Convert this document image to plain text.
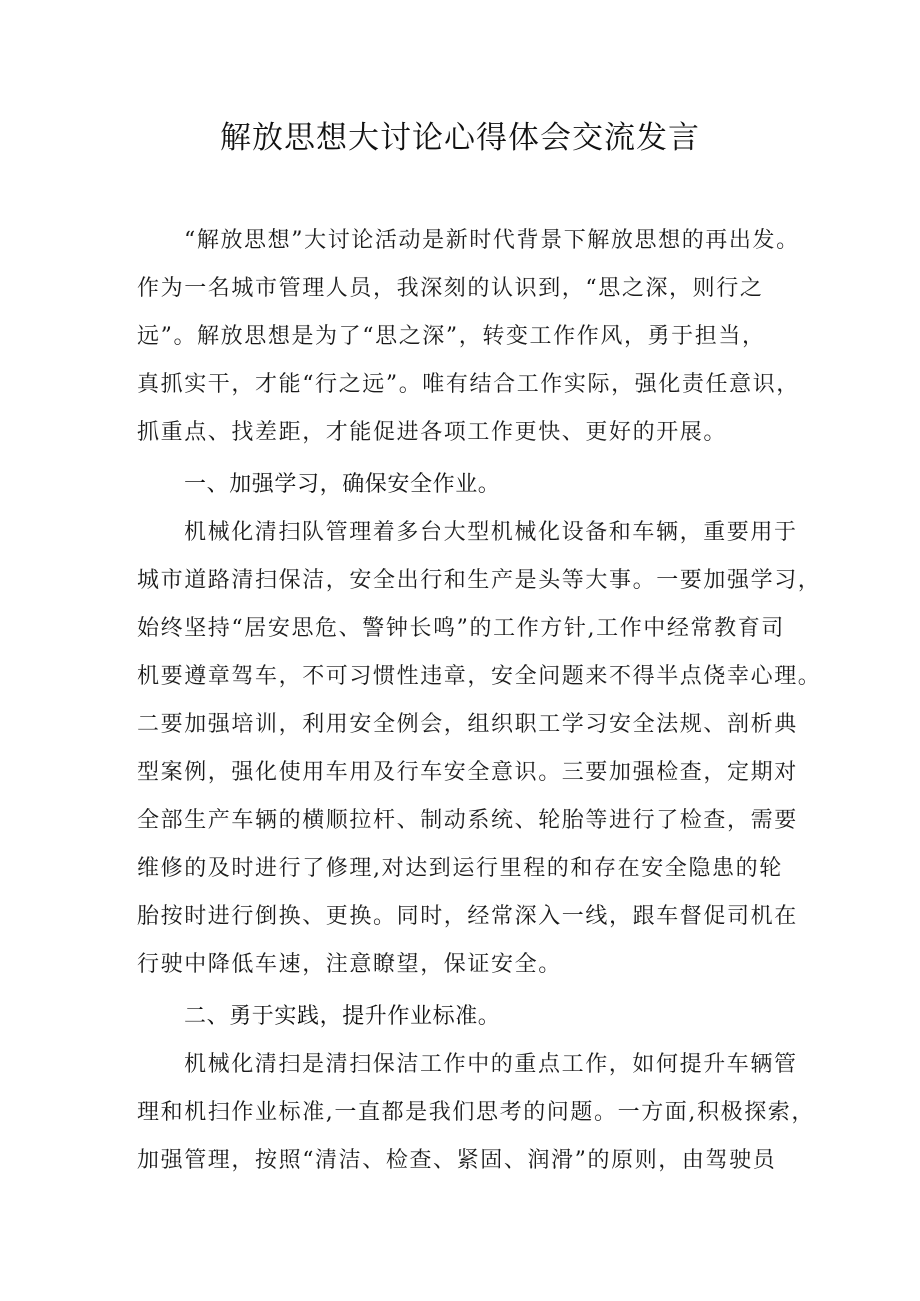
解放思想大讨论心得体会交流发言
“解放思想”大讨论活动是新时代背景下解放思想的再出发。
作为一名城市管理人员，我深刻的认识到，“思之深，则行之
远”。解放思想是为了“思之深”，转变工作作风，勇于担当，
真抓实干，才能“行之远”。唯有结合工作实际，强化责任意识，
抓重点、找差距，才能促进各项工作更快、更好的开展。
一、加强学习，确保安全作业。
机械化清扫队管理着多台大型机械化设备和车辆，重要用于
城市道路清扫保洁，安全出行和生产是头等大事。一要加强学习，
始终坚持“居安思危、警钟长鸣”的工作方针,工作中经常教育司
机要遵章驾车，不可习惯性违章，安全问题来不得半点侥幸心理。
二要加强培训，利用安全例会，组织职工学习安全法规、剖析典
型案例，强化使用车用及行车安全意识。三要加强检查，定期对
全部生产车辆的横顺拉杆、制动系统、轮胎等进行了检查，需要
维修的及时进行了修理,对达到运行里程的和存在安全隐患的轮
胎按时进行倒换、更换。同时，经常深入一线，跟车督促司机在
行驶中降低车速，注意瞭望，保证安全。
二、勇于实践，提升作业标准。
机械化清扫是清扫保洁工作中的重点工作，如何提升车辆管
理和机扫作业标准,一直都是我们思考的问题。一方面,积极探索，
加强管理，按照“清洁、检查、紧固、润滑”的原则，由驾驶员
